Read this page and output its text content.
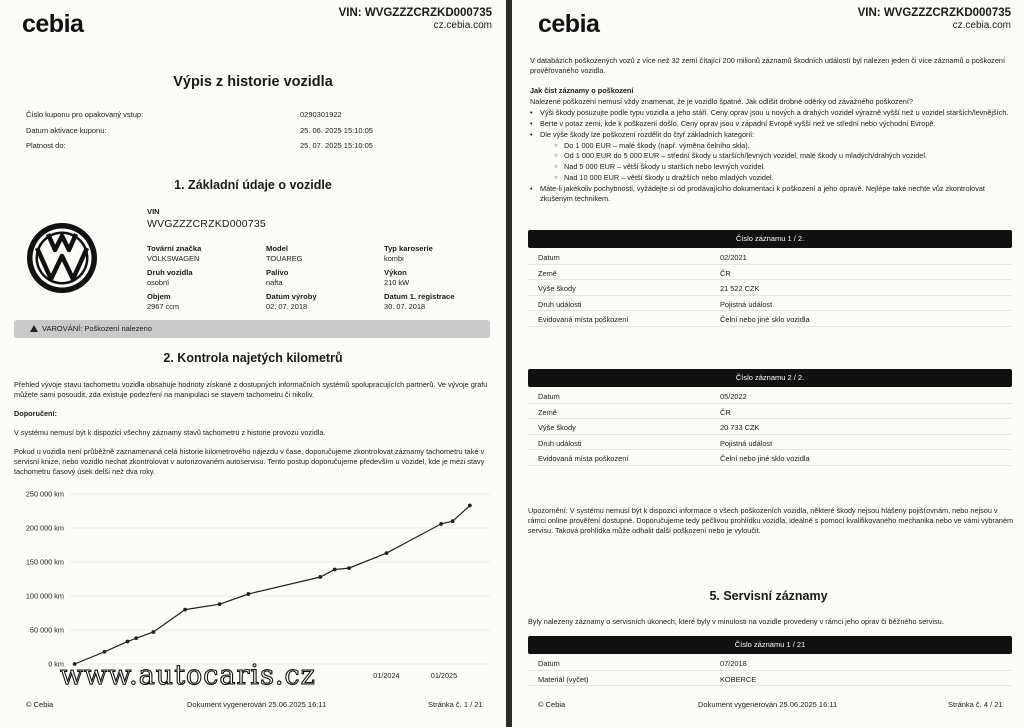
cebia	VIN: WVGZZZCRZKD000735
cz.cebia.com
Výpis z historie vozidla
Číslo kuponu pro opakovaný vstup:	0290301922
Datum aktivace kuponu:	25. 06. 2025 15:10:05
Platnost do:	25. 07. 2025 15:10:05
1. Základní údaje o vozidle
VIN
WVGZZZCRZKD000735
Tovární značka
VOLKSWAGEN
Model
TOUAREG
Typ karoserie
kombi
Druh vozidla
osobní
Palivo
nafta
Výkon
210 kW
Objem
2967 ccm
Datum výroby
02. 07. 2018
Datum 1. registrace
30. 07. 2018
VAROVÁNÍ: Poškození nalezeno
2. Kontrola najetých kilometrů
Přehled vývoje stavu tachometru vozidla obsahuje hodnoty získané z dostupných informačních systémů spolupracujících partnerů. Ve vývoje grafu můžete sami posoudit, zda existuje podezření na manipulaci se stavem tachometru či nikoliv.
Doporučení:
V systému nemusí být k dispozici všechny záznamy stavů tachometru z historie provozu vozidla.
Pokud u vozidla není průběžně zaznamenaná celá historie kilometrového nájezdu v čase, doporučujeme zkontrolovat záznamy tachometru také v servisní knize, nebo vozidlo nechat zkontrolovat v autorizovaném autoservisu. Tento postup doporučujeme především u vozidel, kde je mezi stavy tachometru časový úsek delší než dva roky.
0 km
50 000 km
100 000 km
150 000 km
200 000 km
250 000 km
01/2024	01/2025
www.autocaris.cz
© Cebia	Dokument vygenerován 25.06.2025 16:11	Stránka č. 1 / 21
cebia	VIN: WVGZZZCRZKD000735
cz.cebia.com
V databázích poškozených vozů z více než 32 zemí čítající 200 milionů záznamů škodních událostí byl nalezen jeden či více záznamů o poškození prověřovaného vozidla.
Jak číst záznamy o poškození
Nalezené poškození nemusí vždy znamenat, že je vozidlo špatné. Jak odlišit drobné oděrky od závažného poškození?
• Výši škody posuzujte podle typu vozidla a jeho stáří. Ceny oprav jsou u nových a drahých vozidel výrazně vyšší než u vozidel starších/levnějších.
• Berte v potaz zemi, kde k poškození došlo. Ceny oprav jsou v západní Evropě vyšší než ve střední nebo východní Evropě.
• Dle výše škody lze poškození rozdělit do čtyř základních kategorií:
○ Do 1 000 EUR – malé škody (např. výměna čelního skla).
○ Od 1 000 EUR do 5 000 EUR – střední škody u starších/levných vozidel, malé škody u mladých/drahých vozidel.
○ Nad 5 000 EUR – větší škody u starších nebo levných vozidel.
○ Nad 10 000 EUR – větší škody u dražších nebo mladých vozidel.
• Máte-li jakékoliv pochybnosti, vyžádejte si od prodávajícího dokumentaci k poškození a jeho opravě. Nejlépe také nechte vůz zkontrolovat zkušeným technikem.
Číslo záznamu 1 / 2.
Datum	02/2021
Země	ČR
Výše škody	21 522 CZK
Druh události	Pojistná událost
Evidovaná místa poškození	Čelní nebo jiné sklo vozidla
Číslo záznamu 2 / 2.
Datum	05/2022
Země	ČR
Výše škody	20 733 CZK
Druh události	Pojistná událost
Evidovaná místa poškození	Čelní nebo jiné sklo vozidla
Upozornění: V systému nemusí být k dispozici informace o všech poškozeních vozidla, některé škody nejsou hlášeny pojišťovnám, nebo nejsou v rámci online prověření dostupné. Doporučujeme tedy pečlivou prohlídku vozidla, ideálně s pomocí kvalifikovaného mechanika nebo ve vámi vybraném servisu. Taková prohlídka může odhalit další poškození nebo je vyloučit.
5. Servisní záznamy
Byly nalezeny záznamy o servisních úkonech, které byly v minulosti na vozidle provedeny v rámci jeho oprav či běžného servisu.
Číslo záznamu 1 / 21
Datum	07/2018
Materiál (vyčet)	KOBERCE
© Cebia	Dokument vygenerován 25.06.2025 16:11	Stránka č. 4 / 21
